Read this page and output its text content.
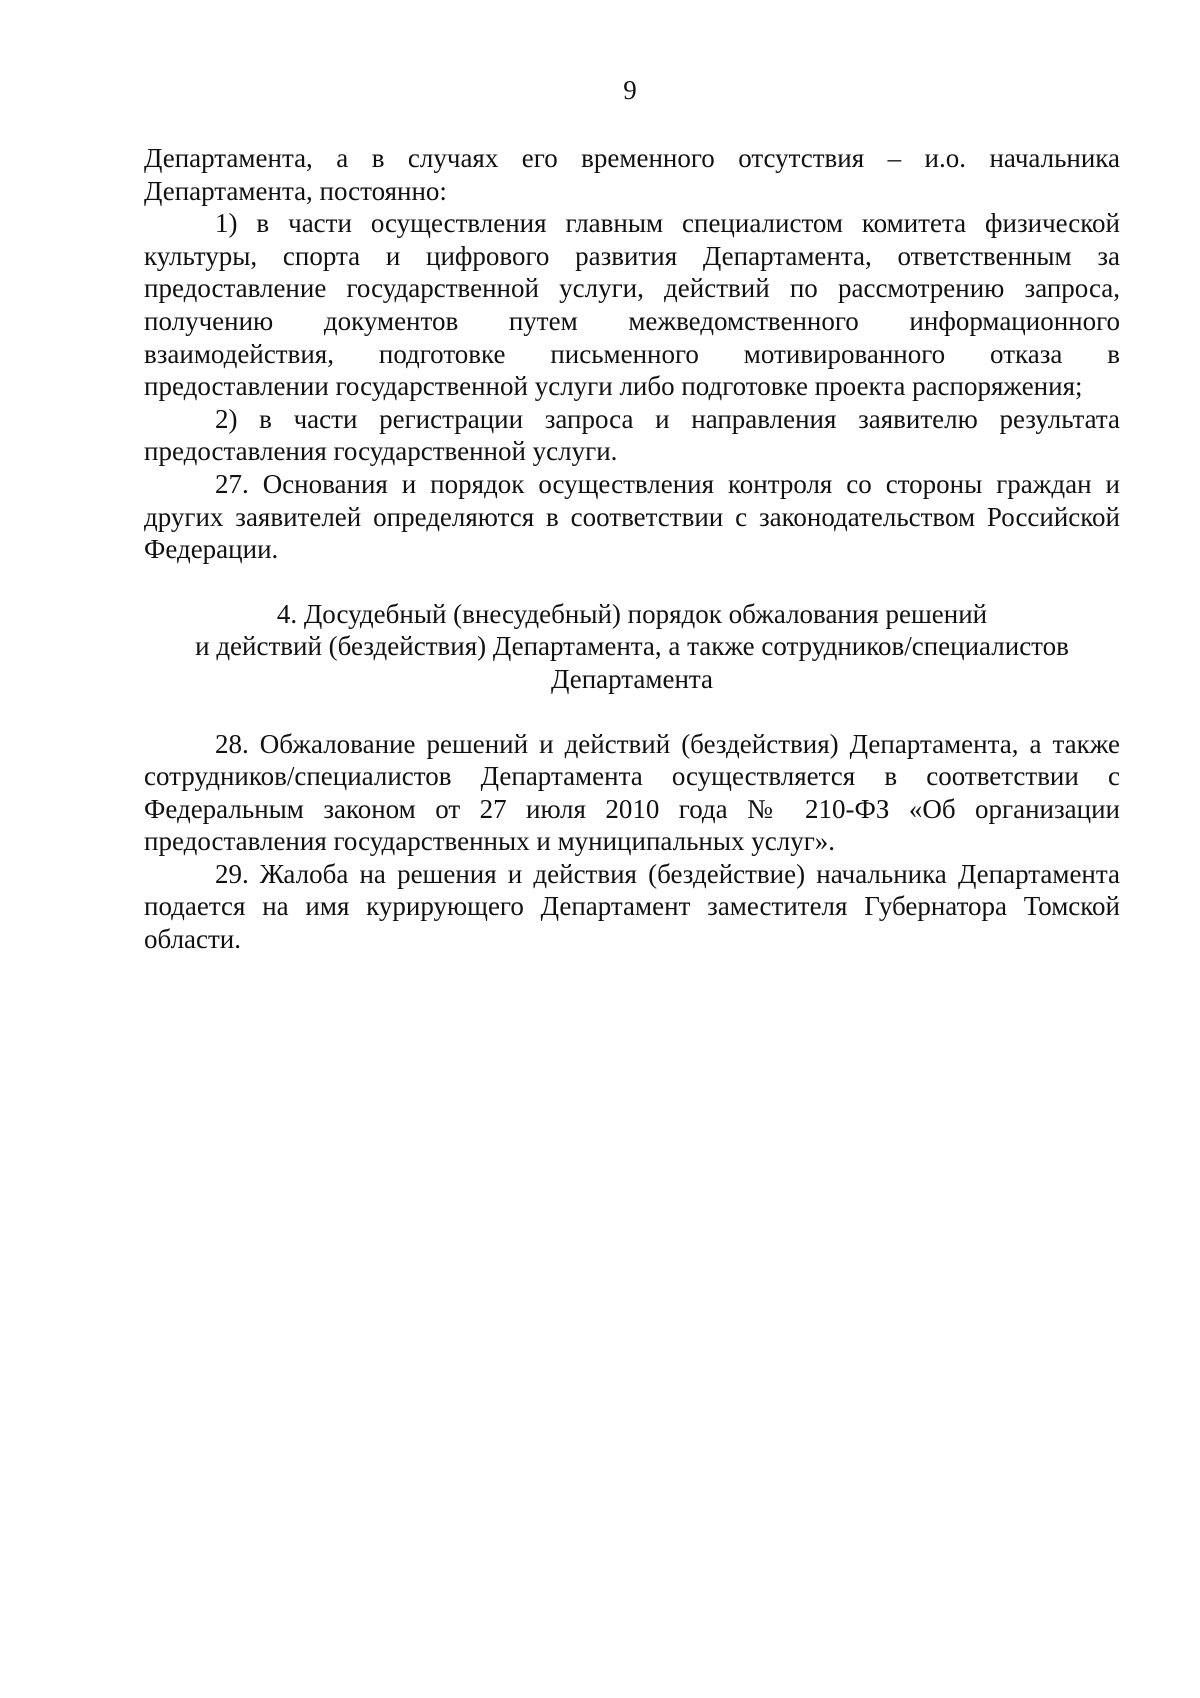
9

Департамента, а в случаях его временного отсутствия – и.о. начальника Департамента, постоянно:

1) в части осуществления главным специалистом комитета физической культуры, спорта и цифрового развития Департамента, ответственным за предоставление государственной услуги, действий по рассмотрению запроса, получению документов путем межведомственного информационного взаимодействия, подготовке письменного мотивированного отказа в предоставлении государственной услуги либо подготовке проекта распоряжения;

2) в части регистрации запроса и направления заявителю результата предоставления государственной услуги.

27. Основания и порядок осуществления контроля со стороны граждан и других заявителей определяются в соответствии с законодательством Российской Федерации.

4. Досудебный (внесудебный) порядок обжалования решений

и действий (бездействия) Департамента, а также сотрудников/специалистов

Департамента

28. Обжалование решений и действий (бездействия) Департамента, а также сотрудников/специалистов Департамента осуществляется в соответствии с Федеральным законом от 27 июля 2010 года № 210-ФЗ «Об организации предоставления государственных и муниципальных услуг».

29. Жалоба на решения и действия (бездействие) начальника Департамента подается на имя курирующего Департамент заместителя Губернатора Томской области.
